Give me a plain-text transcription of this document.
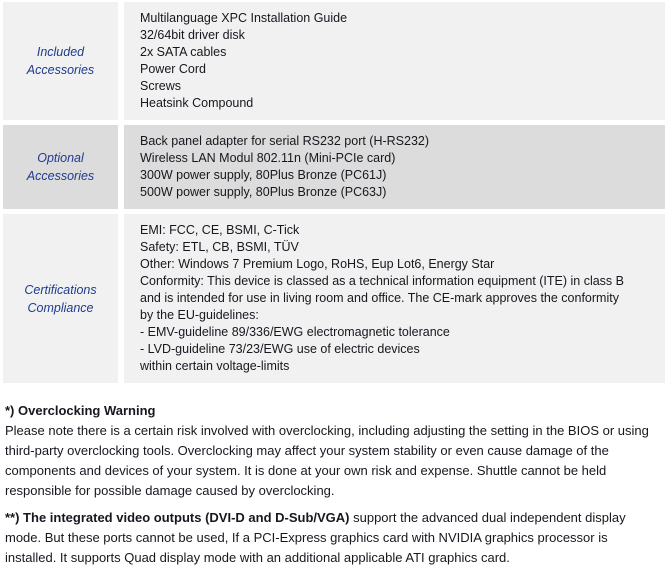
Included
Accessories
Multilanguage XPC Installation Guide
32/64bit driver disk
2x SATA cables
Power Cord
Screws
Heatsink Compound
Optional
Accessories
Back panel adapter for serial RS232 port (H-RS232)
Wireless LAN Modul 802.11n (Mini-PCIe card)
300W power supply, 80Plus Bronze (PC61J)
500W power supply, 80Plus Bronze (PC63J)
Certifications
Compliance
EMI: FCC, CE, BSMI, C-Tick
Safety: ETL, CB, BSMI, TÜV
Other: Windows 7 Premium Logo, RoHS, Eup Lot6, Energy Star
Conformity: This device is classed as a technical information equipment (ITE) in class B
and is intended for use in living room and office. The CE-mark approves the conformity
by the EU-guidelines:
- EMV-guideline 89/336/EWG electromagnetic tolerance
- LVD-guideline 73/23/EWG use of electric devices
within certain voltage-limits
*) Overclocking Warning
Please note there is a certain risk involved with overclocking, including adjusting the setting in the BIOS or using third-party overclocking tools. Overclocking may affect your system stability or even cause damage of the components and devices of your system. It is done at your own risk and expense. Shuttle cannot be held responsible for possible damage caused by overclocking.
**) The integrated video outputs (DVI-D and D-Sub/VGA) support the advanced dual independent display mode. But these ports cannot be used, If a PCI-Express graphics card with NVIDIA graphics processor is installed. It supports Quad display mode with an additional applicable ATI graphics card.
